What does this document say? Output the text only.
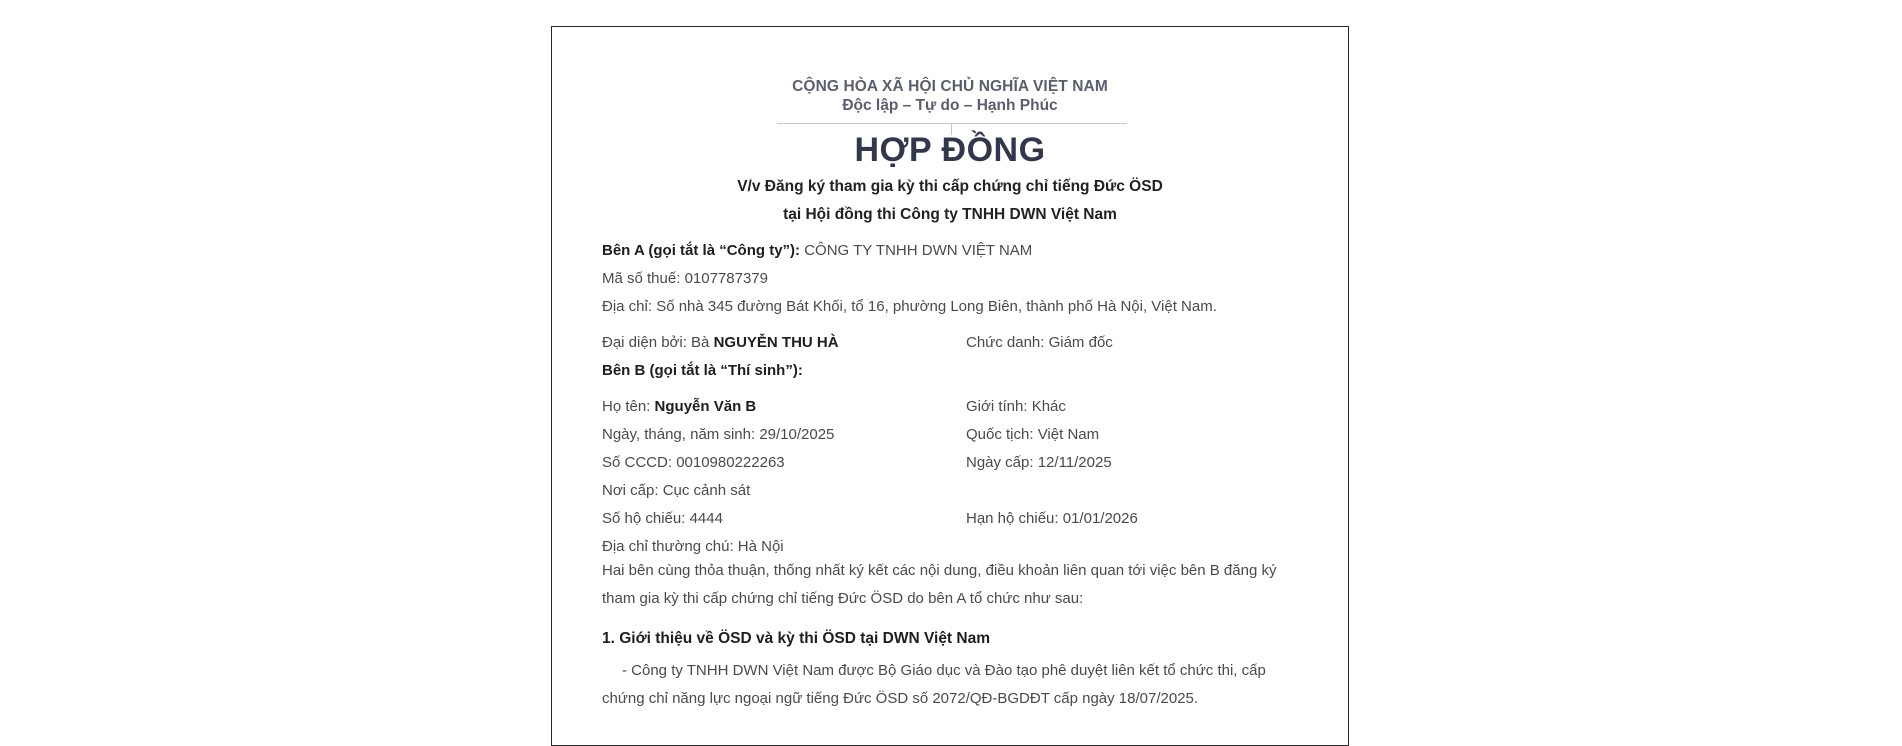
CỘNG HÒA XÃ HỘI CHỦ NGHĨA VIỆT NAM
Độc lập – Tự do – Hạnh Phúc
HỢP ĐỒNG
V/v Đăng ký tham gia kỳ thi cấp chứng chỉ tiếng Đức ÖSD
tại Hội đồng thi Công ty TNHH DWN Việt Nam
Bên A (gọi tắt là “Công ty”): CÔNG TY TNHH DWN VIỆT NAM
Mã số thuế: 0107787379
Địa chỉ: Số nhà 345 đường Bát Khối, tổ 16, phường Long Biên, thành phố Hà Nội, Việt Nam.
Đại diện bởi: Bà NGUYỄN THU HÀ	Chức danh: Giám đốc
Bên B (gọi tắt là “Thí sinh”):
Họ tên: Nguyễn Văn B	Giới tính: Khác
Ngày, tháng, năm sinh: 29/10/2025	Quốc tịch: Việt Nam
Số CCCD: 0010980222263	Ngày cấp: 12/11/2025
Nơi cấp: Cục cảnh sát
Số hộ chiếu: 4444	Hạn hộ chiếu: 01/01/2026
Địa chỉ thường chú: Hà Nội
Hai bên cùng thỏa thuận, thống nhất ký kết các nội dung, điều khoản liên quan tới việc bên B đăng ký tham gia kỳ thi cấp chứng chỉ tiếng Đức ÖSD do bên A tổ chức như sau:
1. Giới thiệu về ÖSD và kỳ thi ÖSD tại DWN Việt Nam
- Công ty TNHH DWN Việt Nam được Bộ Giáo dục và Đào tạo phê duyệt liên kết tổ chức thi, cấp chứng chỉ năng lực ngoại ngữ tiếng Đức ÖSD số 2072/QĐ-BGDĐT cấp ngày 18/07/2025.
